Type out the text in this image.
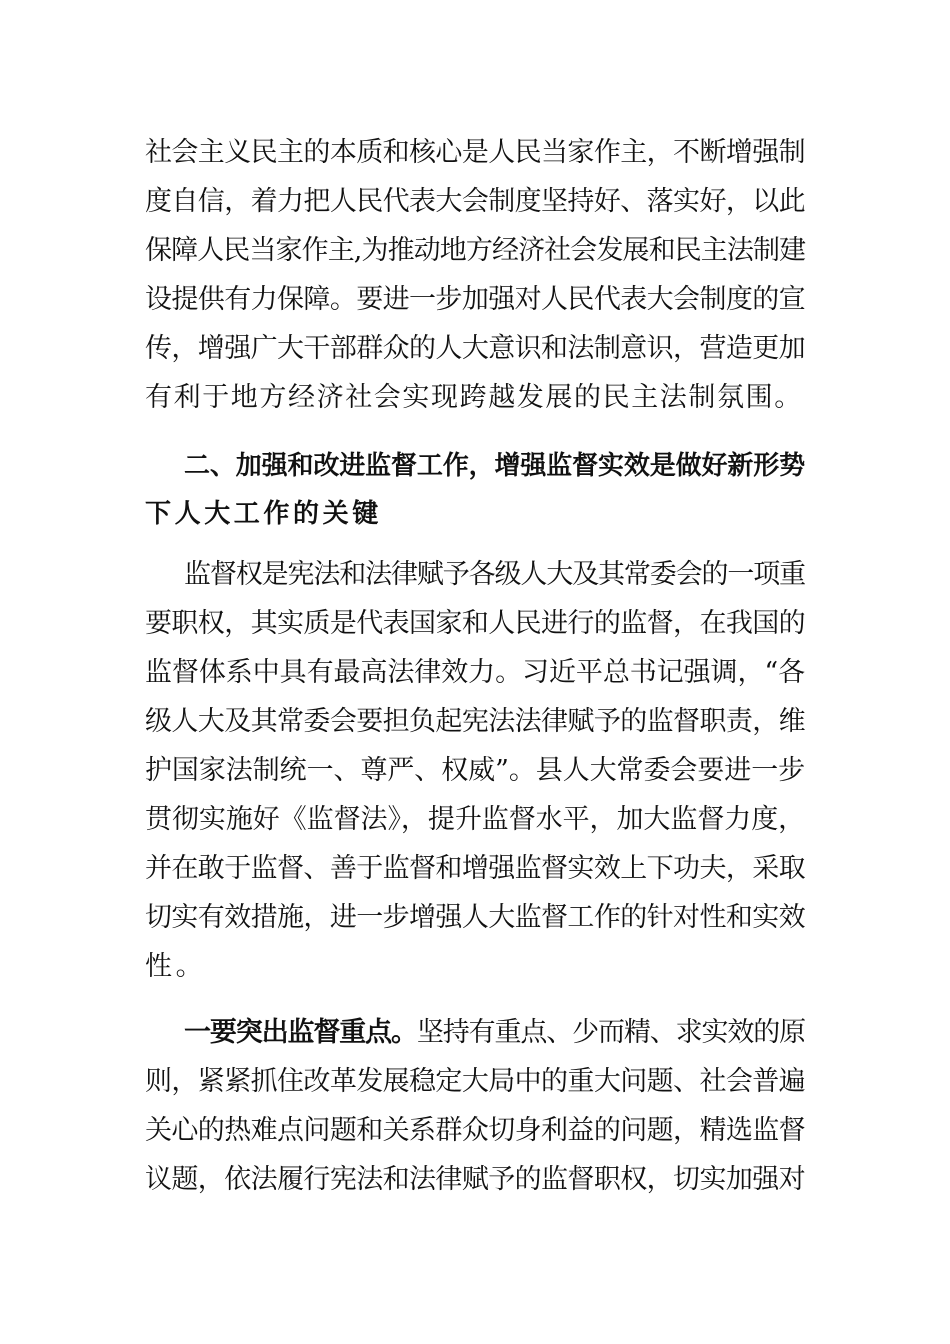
社会主义民主的本质和核心是人民当家作主，不断增强制

度自信，着力把人民代表大会制度坚持好、落实好，以此

保障人民当家作主,为推动地方经济社会发展和民主法制建

设提供有力保障。要进一步加强对人民代表大会制度的宣

传，增强广大干部群众的人大意识和法制意识，营造更加

有利于地方经济社会实现跨越发展的民主法制氛围。

二、加强和改进监督工作，增强监督实效是做好新形势

下人大工作的关键

监督权是宪法和法律赋予各级人大及其常委会的一项重

要职权，其实质是代表国家和人民进行的监督，在我国的

监督体系中具有最高法律效力。习近平总书记强调，“各

级人大及其常委会要担负起宪法法律赋予的监督职责，维

护国家法制统一、尊严、权威”。县人大常委会要进一步

贯彻实施好《监督法》，提升监督水平，加大监督力度，

并在敢于监督、善于监督和增强监督实效上下功夫，采取

切实有效措施，进一步增强人大监督工作的针对性和实效

性。

一要突出监督重点。坚持有重点、少而精、求实效的原

则，紧紧抓住改革发展稳定大局中的重大问题、社会普遍

关心的热难点问题和关系群众切身利益的问题，精选监督

议题，依法履行宪法和法律赋予的监督职权，切实加强对
